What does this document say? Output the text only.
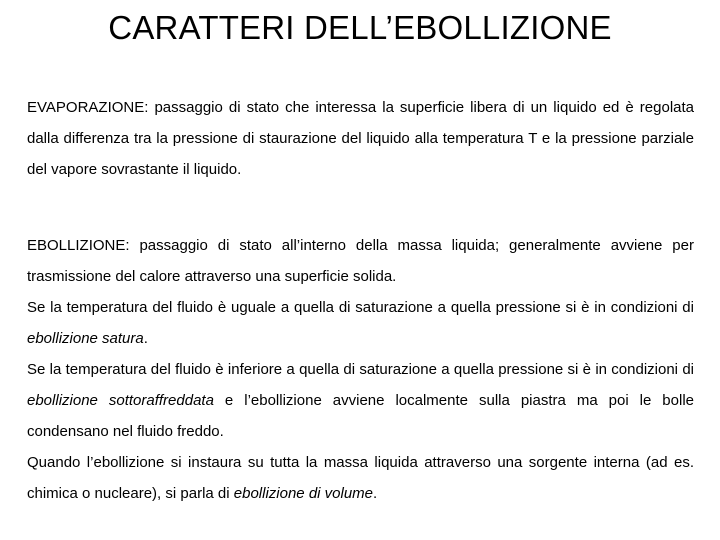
CARATTERI DELL’EBOLLIZIONE

EVAPORAZIONE: passaggio di stato che interessa la superficie libera di un liquido ed è regolata dalla differenza tra la pressione di staurazione del liquido alla temperatura T e la pressione parziale del vapore sovrastante il liquido.

EBOLLIZIONE: passaggio di stato all’interno della massa liquida; generalmente avviene per trasmissione del calore attraverso una superficie solida.

Se la temperatura del fluido è uguale a quella di saturazione a quella pressione si è in condizioni di ebollizione satura.

Se la temperatura del fluido è inferiore a quella di saturazione a quella pressione si è in condizioni di ebollizione sottoraffreddata e l’ebollizione avviene localmente sulla piastra ma poi le bolle condensano nel fluido freddo.

Quando l’ebollizione si instaura su tutta la massa liquida attraverso una sorgente interna (ad es. chimica o nucleare), si parla di ebollizione di volume.
